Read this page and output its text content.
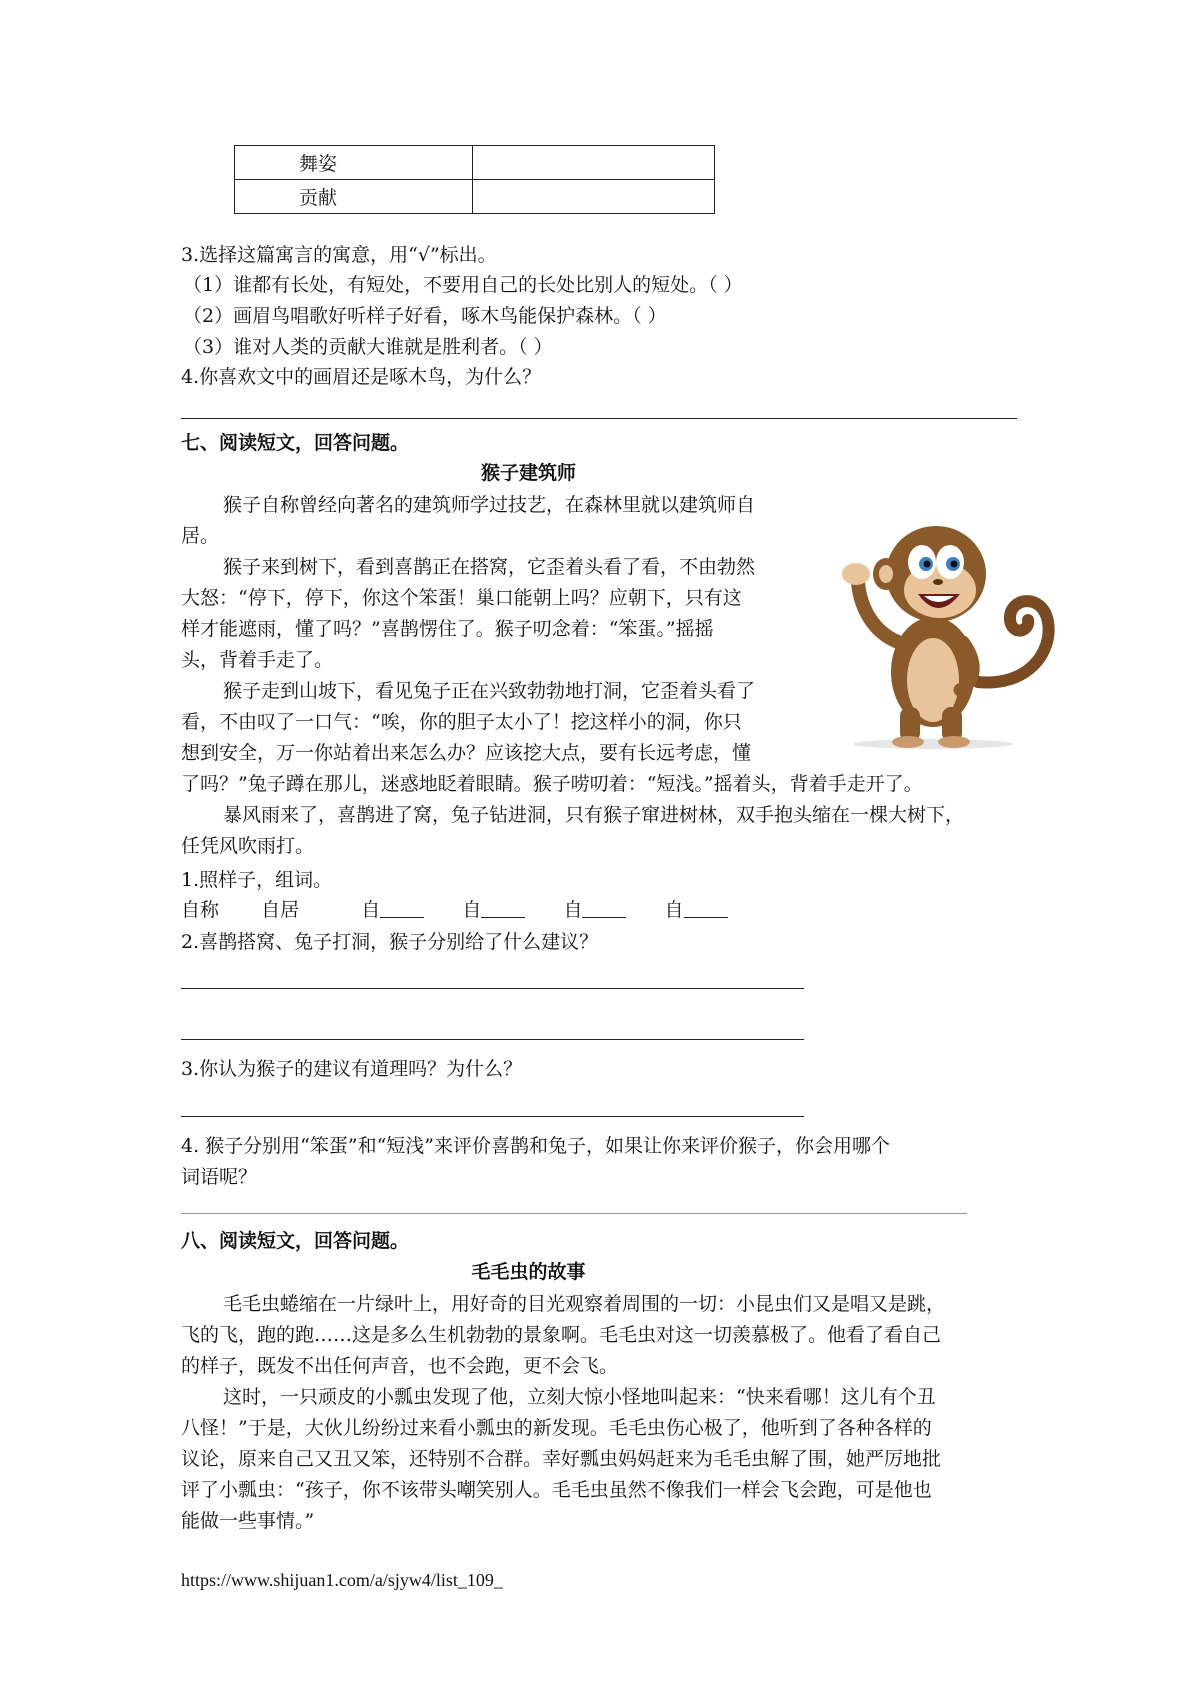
舞姿	
贡献	
3.选择这篇寓言的寓意，用“√”标出。
（1）谁都有长处，有短处，不要用自己的长处比别人的短处。（ ）
（2）画眉鸟唱歌好听样子好看，啄木鸟能保护森林。（ ）
（3）谁对人类的贡献大谁就是胜利者。（ ）
4.你喜欢文中的画眉还是啄木鸟，为什么？
七、阅读短文，回答问题。
猴子建筑师
猴子自称曾经向著名的建筑师学过技艺，在森林里就以建筑师自
居。
猴子来到树下，看到喜鹊正在搭窝，它歪着头看了看，不由勃然
大怒：“停下，停下，你这个笨蛋！巢口能朝上吗？应朝下，只有这
样才能遮雨，懂了吗？”喜鹊愣住了。猴子叨念着：“笨蛋。”摇摇
头，背着手走了。
猴子走到山坡下，看见兔子正在兴致勃勃地打洞，它歪着头看了
看，不由叹了一口气：“唉，你的胆子太小了！挖这样小的洞，你只
想到安全，万一你站着出来怎么办？应该挖大点，要有长远考虑，懂
了吗？”兔子蹲在那儿，迷惑地眨着眼睛。猴子唠叨着：“短浅。”摇着头，背着手走开了。
暴风雨来了，喜鹊进了窝，兔子钻进洞，只有猴子窜进树林，双手抱头缩在一棵大树下，
任凭风吹雨打。
1.照样子，组词。
自称 自居	自	自	自	自
2.喜鹊搭窝、兔子打洞，猴子分别给了什么建议？
3.你认为猴子的建议有道理吗？为什么？
4. 猴子分别用“笨蛋”和“短浅”来评价喜鹊和兔子，如果让你来评价猴子，你会用哪个
词语呢？
八、阅读短文，回答问题。
毛毛虫的故事
毛毛虫蜷缩在一片绿叶上，用好奇的目光观察着周围的一切：小昆虫们又是唱又是跳，
飞的飞，跑的跑……这是多么生机勃勃的景象啊。毛毛虫对这一切羡慕极了。他看了看自己
的样子，既发不出任何声音，也不会跑，更不会飞。
这时，一只顽皮的小瓢虫发现了他，立刻大惊小怪地叫起来：“快来看哪！这儿有个丑
八怪！”于是，大伙儿纷纷过来看小瓢虫的新发现。毛毛虫伤心极了，他听到了各种各样的
议论，原来自己又丑又笨，还特别不合群。幸好瓢虫妈妈赶来为毛毛虫解了围，她严厉地批
评了小瓢虫：“孩子，你不该带头嘲笑别人。毛毛虫虽然不像我们一样会飞会跑，可是他也
能做一些事情。”
https://www.shijuan1.com/a/sjyw4/list_109_
